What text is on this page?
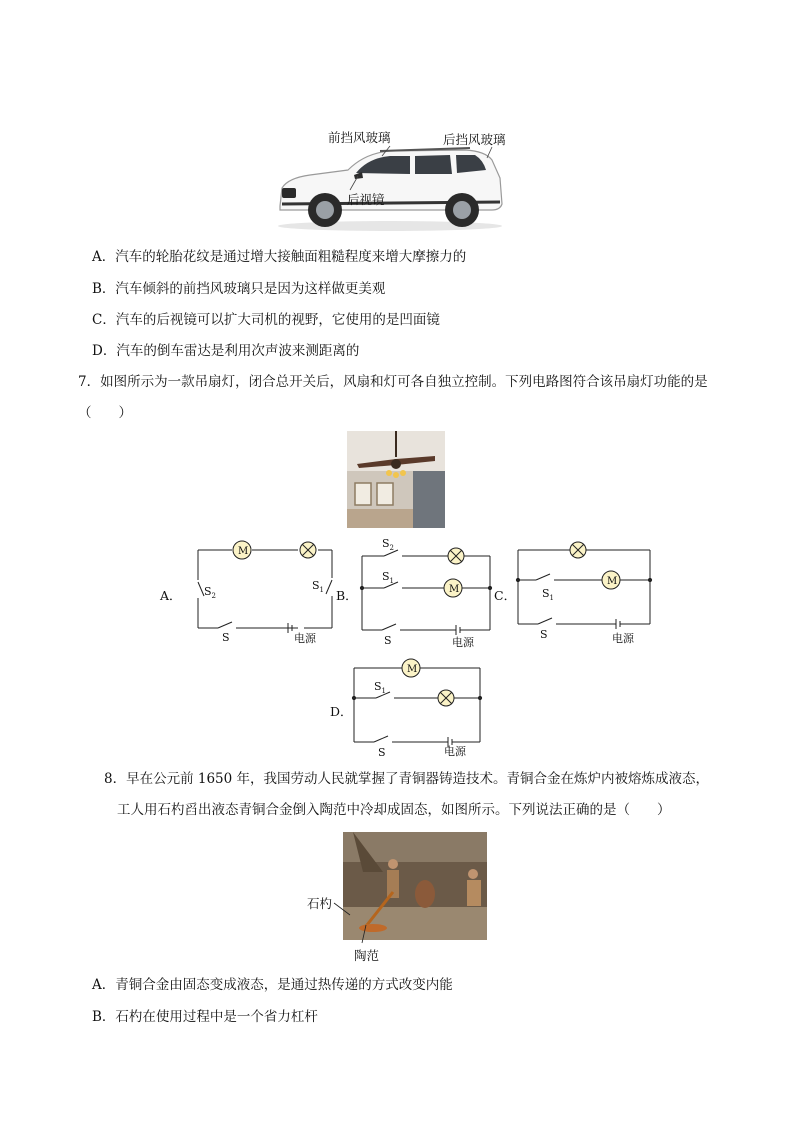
前挡风玻璃	后挡风玻璃
后视镜
A．汽车的轮胎花纹是通过增大接触面粗糙程度来增大摩擦力的
B．汽车倾斜的前挡风玻璃只是因为这样做更美观
C．汽车的后视镜可以扩大司机的视野，它使用的是凹面镜
D．汽车的倒车雷达是利用次声波来测距离的
7．如图所示为一款吊扇灯，闭合总开关后，风扇和灯可各自独立控制。下列电路图符合该吊扇灯功能的是
（　　）
M
A． $S_2$
$S_1$
S	电源
M
B．
$S_2$
$S_1$
S	电源
M
C． $S_1$
S	电源
M
D．
$S_1$
S	电源
8．早在公元前 1650 年，我国劳动人民就掌握了青铜器铸造技术。青铜合金在炼炉内被熔炼成液态，
工人用石杓舀出液态青铜合金倒入陶范中冷却成固态，如图所示。下列说法正确的是（　　）
石杓
陶范
A．青铜合金由固态变成液态，是通过热传递的方式改变内能
B．石杓在使用过程中是一个省力杠杆
